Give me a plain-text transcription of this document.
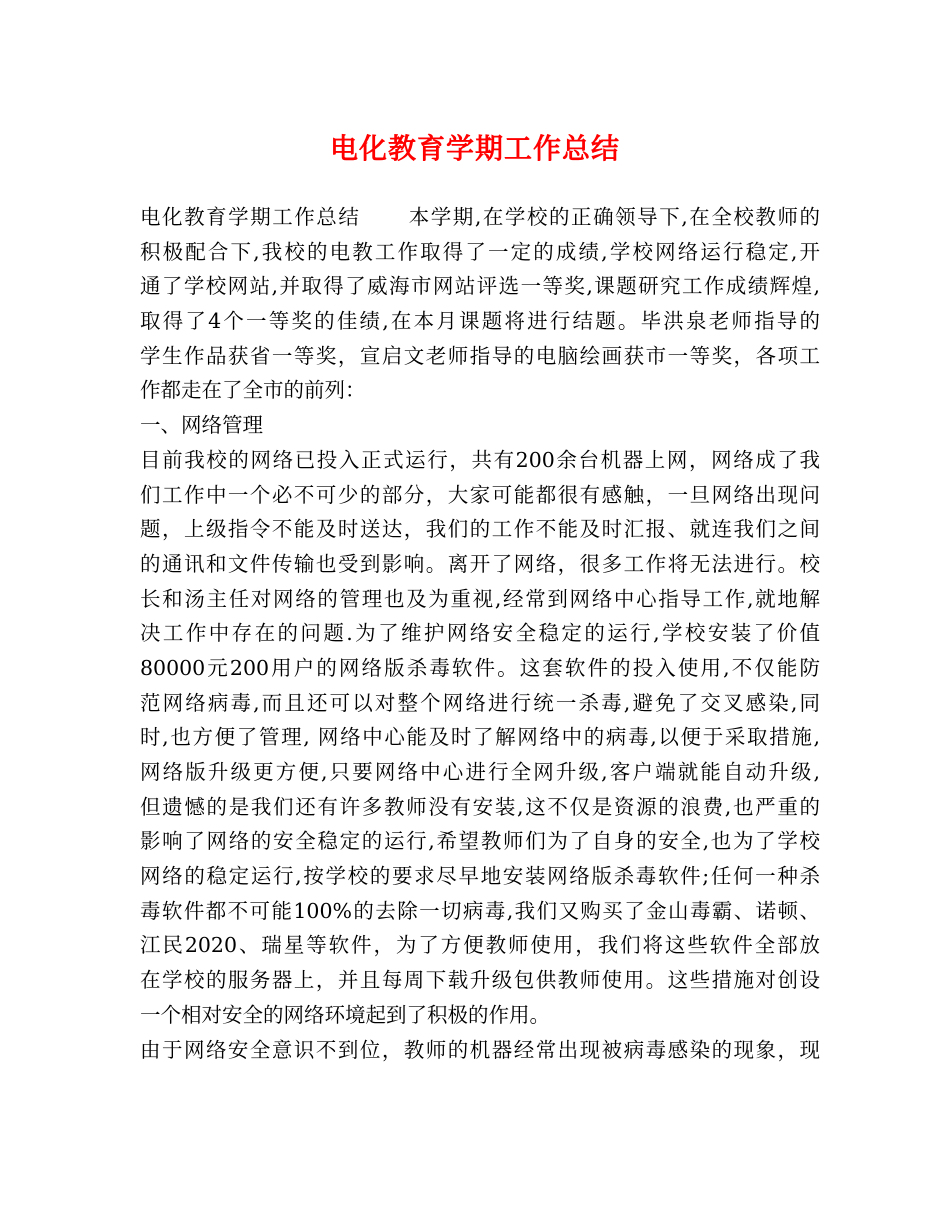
电化教育学期工作总结
电化教育学期工作总结      本学期,在学校的正确领导下,在全校教师的
积极配合下,我校的电教工作取得了一定的成绩,学校网络运行稳定,开
通了学校网站,并取得了威海市网站评选一等奖,课题研究工作成绩辉煌,
取得了4个一等奖的佳绩,在本月课题将进行结题。毕洪泉老师指导的
学生作品获省一等奖，宣启文老师指导的电脑绘画获市一等奖，各项工
作都走在了全市的前列：
一、网络管理
目前我校的网络已投入正式运行，共有200余台机器上网，网络成了我
们工作中一个必不可少的部分，大家可能都很有感触，一旦网络出现问
题，上级指令不能及时送达，我们的工作不能及时汇报、就连我们之间
的通讯和文件传输也受到影响。离开了网络，很多工作将无法进行。校
长和汤主任对网络的管理也及为重视,经常到网络中心指导工作,就地解
决工作中存在的问题.为了维护网络安全稳定的运行,学校安装了价值
80000元200用户的网络版杀毒软件。这套软件的投入使用,不仅能防
范网络病毒,而且还可以对整个网络进行统一杀毒,避免了交叉感染,同
时,也方便了管理, 网络中心能及时了解网络中的病毒,以便于采取措施,
网络版升级更方便,只要网络中心进行全网升级,客户端就能自动升级,
但遗憾的是我们还有许多教师没有安装,这不仅是资源的浪费,也严重的
影响了网络的安全稳定的运行,希望教师们为了自身的安全,也为了学校
网络的稳定运行,按学校的要求尽早地安装网络版杀毒软件;任何一种杀
毒软件都不可能100%的去除一切病毒,我们又购买了金山毒霸、诺顿、
江民2020、瑞星等软件，为了方便教师使用，我们将这些软件全部放
在学校的服务器上，并且每周下载升级包供教师使用。这些措施对创设
一个相对安全的网络环境起到了积极的作用。
由于网络安全意识不到位，教师的机器经常出现被病毒感染的现象，现
